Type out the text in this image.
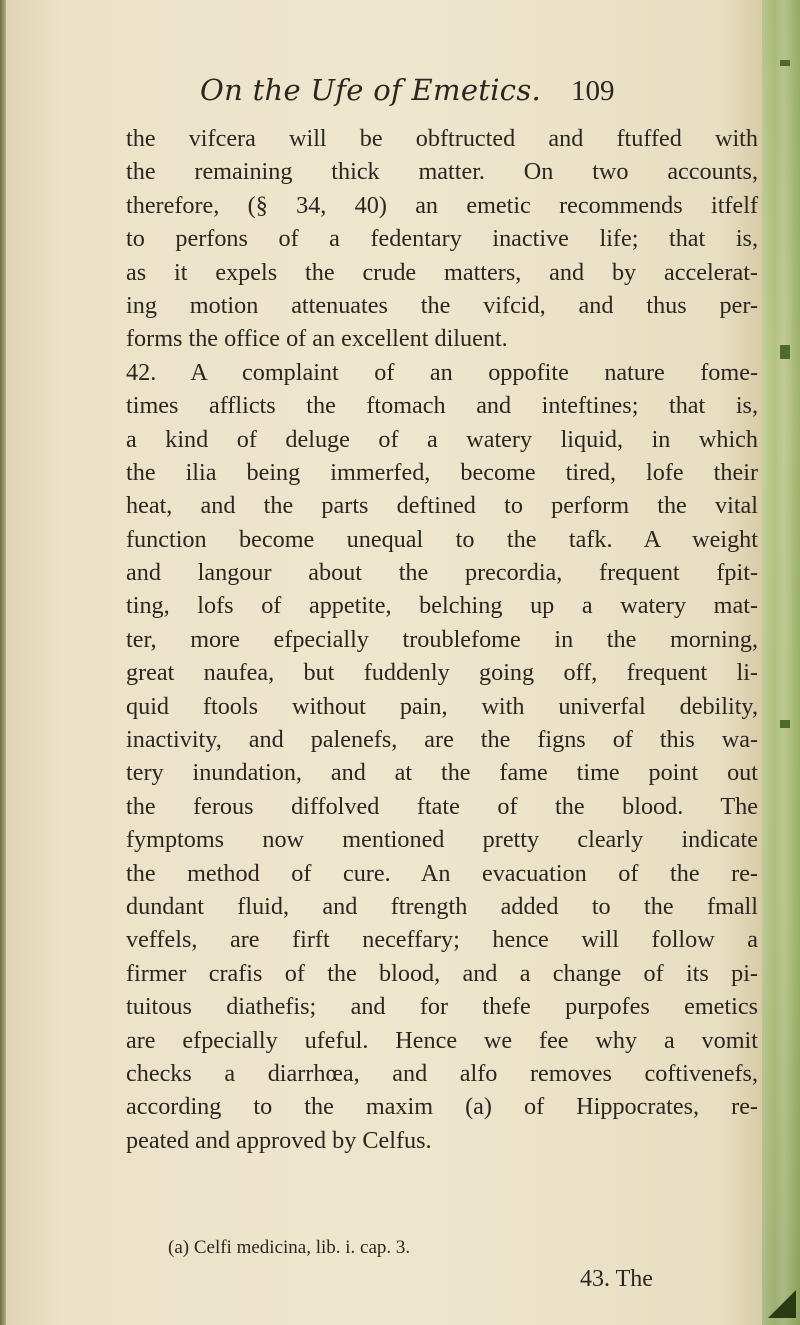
On the Ufe of Emetics. 109
the vifcera will be obftructed and ftuffed with
the remaining thick matter. On two accounts,
therefore, (§ 34, 40) an emetic recommends itfelf
to perfons of a fedentary inactive life; that is,
as it expels the crude matters, and by accelerat-
ing motion attenuates the vifcid, and thus per-
forms the office of an excellent diluent.
42. A complaint of an oppofite nature fome-
times afflicts the ftomach and inteftines; that is,
a kind of deluge of a watery liquid, in which
the ilia being immerfed, become tired, lofe their
heat, and the parts deftined to perform the vital
function become unequal to the tafk. A weight
and langour about the precordia, frequent fpit-
ting, lofs of appetite, belching up a watery mat-
ter, more efpecially troublefome in the morning,
great naufea, but fuddenly going off, frequent li-
quid ftools without pain, with univerfal debility,
inactivity, and palenefs, are the figns of this wa-
tery inundation, and at the fame time point out
the ferous diffolved ftate of the blood. The
fymptoms now mentioned pretty clearly indicate
the method of cure. An evacuation of the re-
dundant fluid, and ftrength added to the fmall
veffels, are firft neceffary; hence will follow a
firmer crafis of the blood, and a change of its pi-
tuitous diathefis; and for thefe purpofes emetics
are efpecially ufeful. Hence we fee why a vomit
checks a diarrhœa, and alfo removes coftivenefs,
according to the maxim (a) of Hippocrates, re-
peated and approved by Celfus.
(a) Celfi medicina, lib. i. cap. 3.
43. The
